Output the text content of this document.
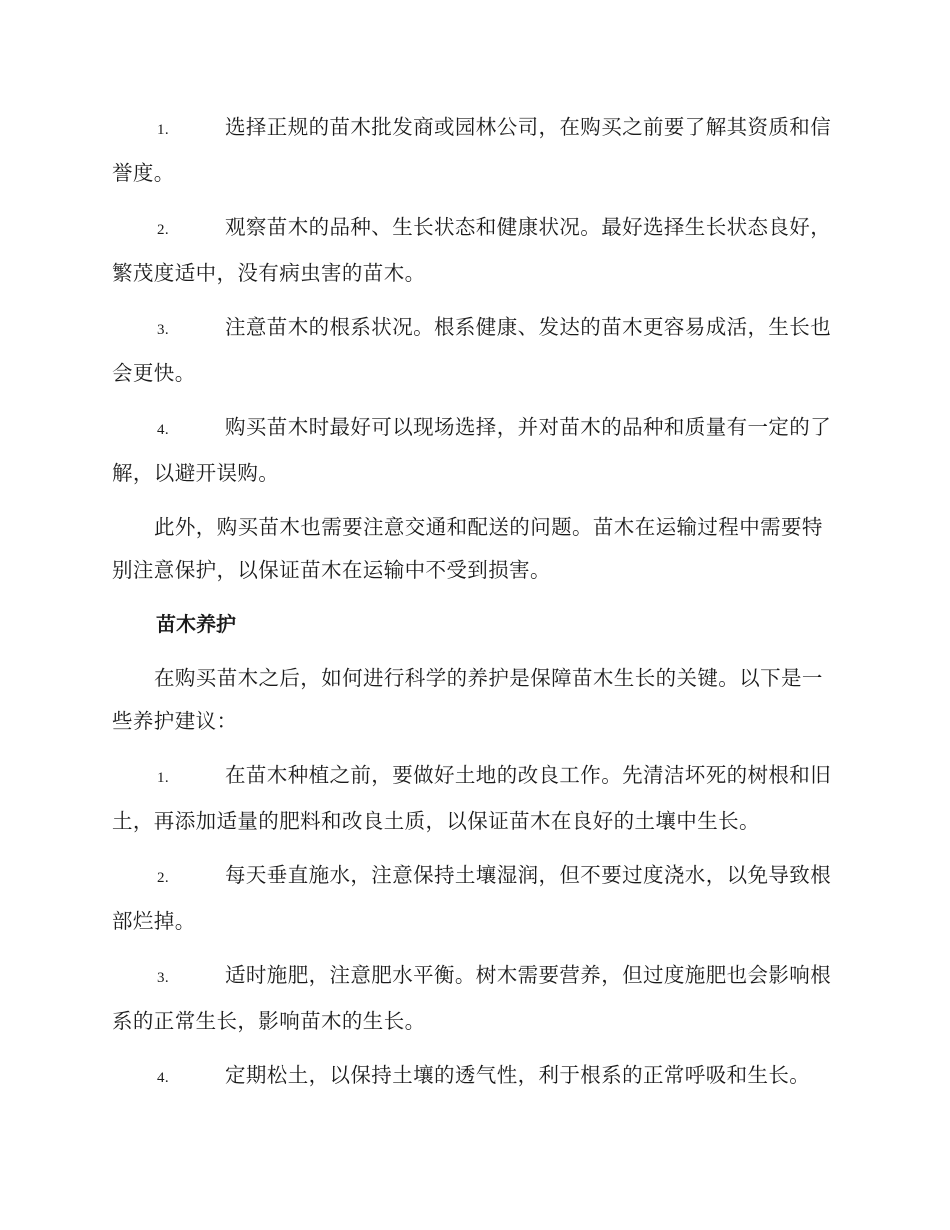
1.	选择正规的苗木批发商或园林公司，在购买之前要了解其资质和信誉度。

2.	观察苗木的品种、生长状态和健康状况。最好选择生长状态良好，繁茂度适中，没有病虫害的苗木。

3.	注意苗木的根系状况。根系健康、发达的苗木更容易成活，生长也会更快。

4.	购买苗木时最好可以现场选择，并对苗木的品种和质量有一定的了解，以避开误购。

此外，购买苗木也需要注意交通和配送的问题。苗木在运输过程中需要特别注意保护，以保证苗木在运输中不受到损害。

苗木养护

在购买苗木之后，如何进行科学的养护是保障苗木生长的关键。以下是一些养护建议：

1.	在苗木种植之前，要做好土地的改良工作。先清洁坏死的树根和旧土，再添加适量的肥料和改良土质，以保证苗木在良好的土壤中生长。

2.	每天垂直施水，注意保持土壤湿润，但不要过度浇水，以免导致根部烂掉。

3.	适时施肥，注意肥水平衡。树木需要营养，但过度施肥也会影响根系的正常生长，影响苗木的生长。

4.	定期松土，以保持土壤的透气性，利于根系的正常呼吸和生长。
